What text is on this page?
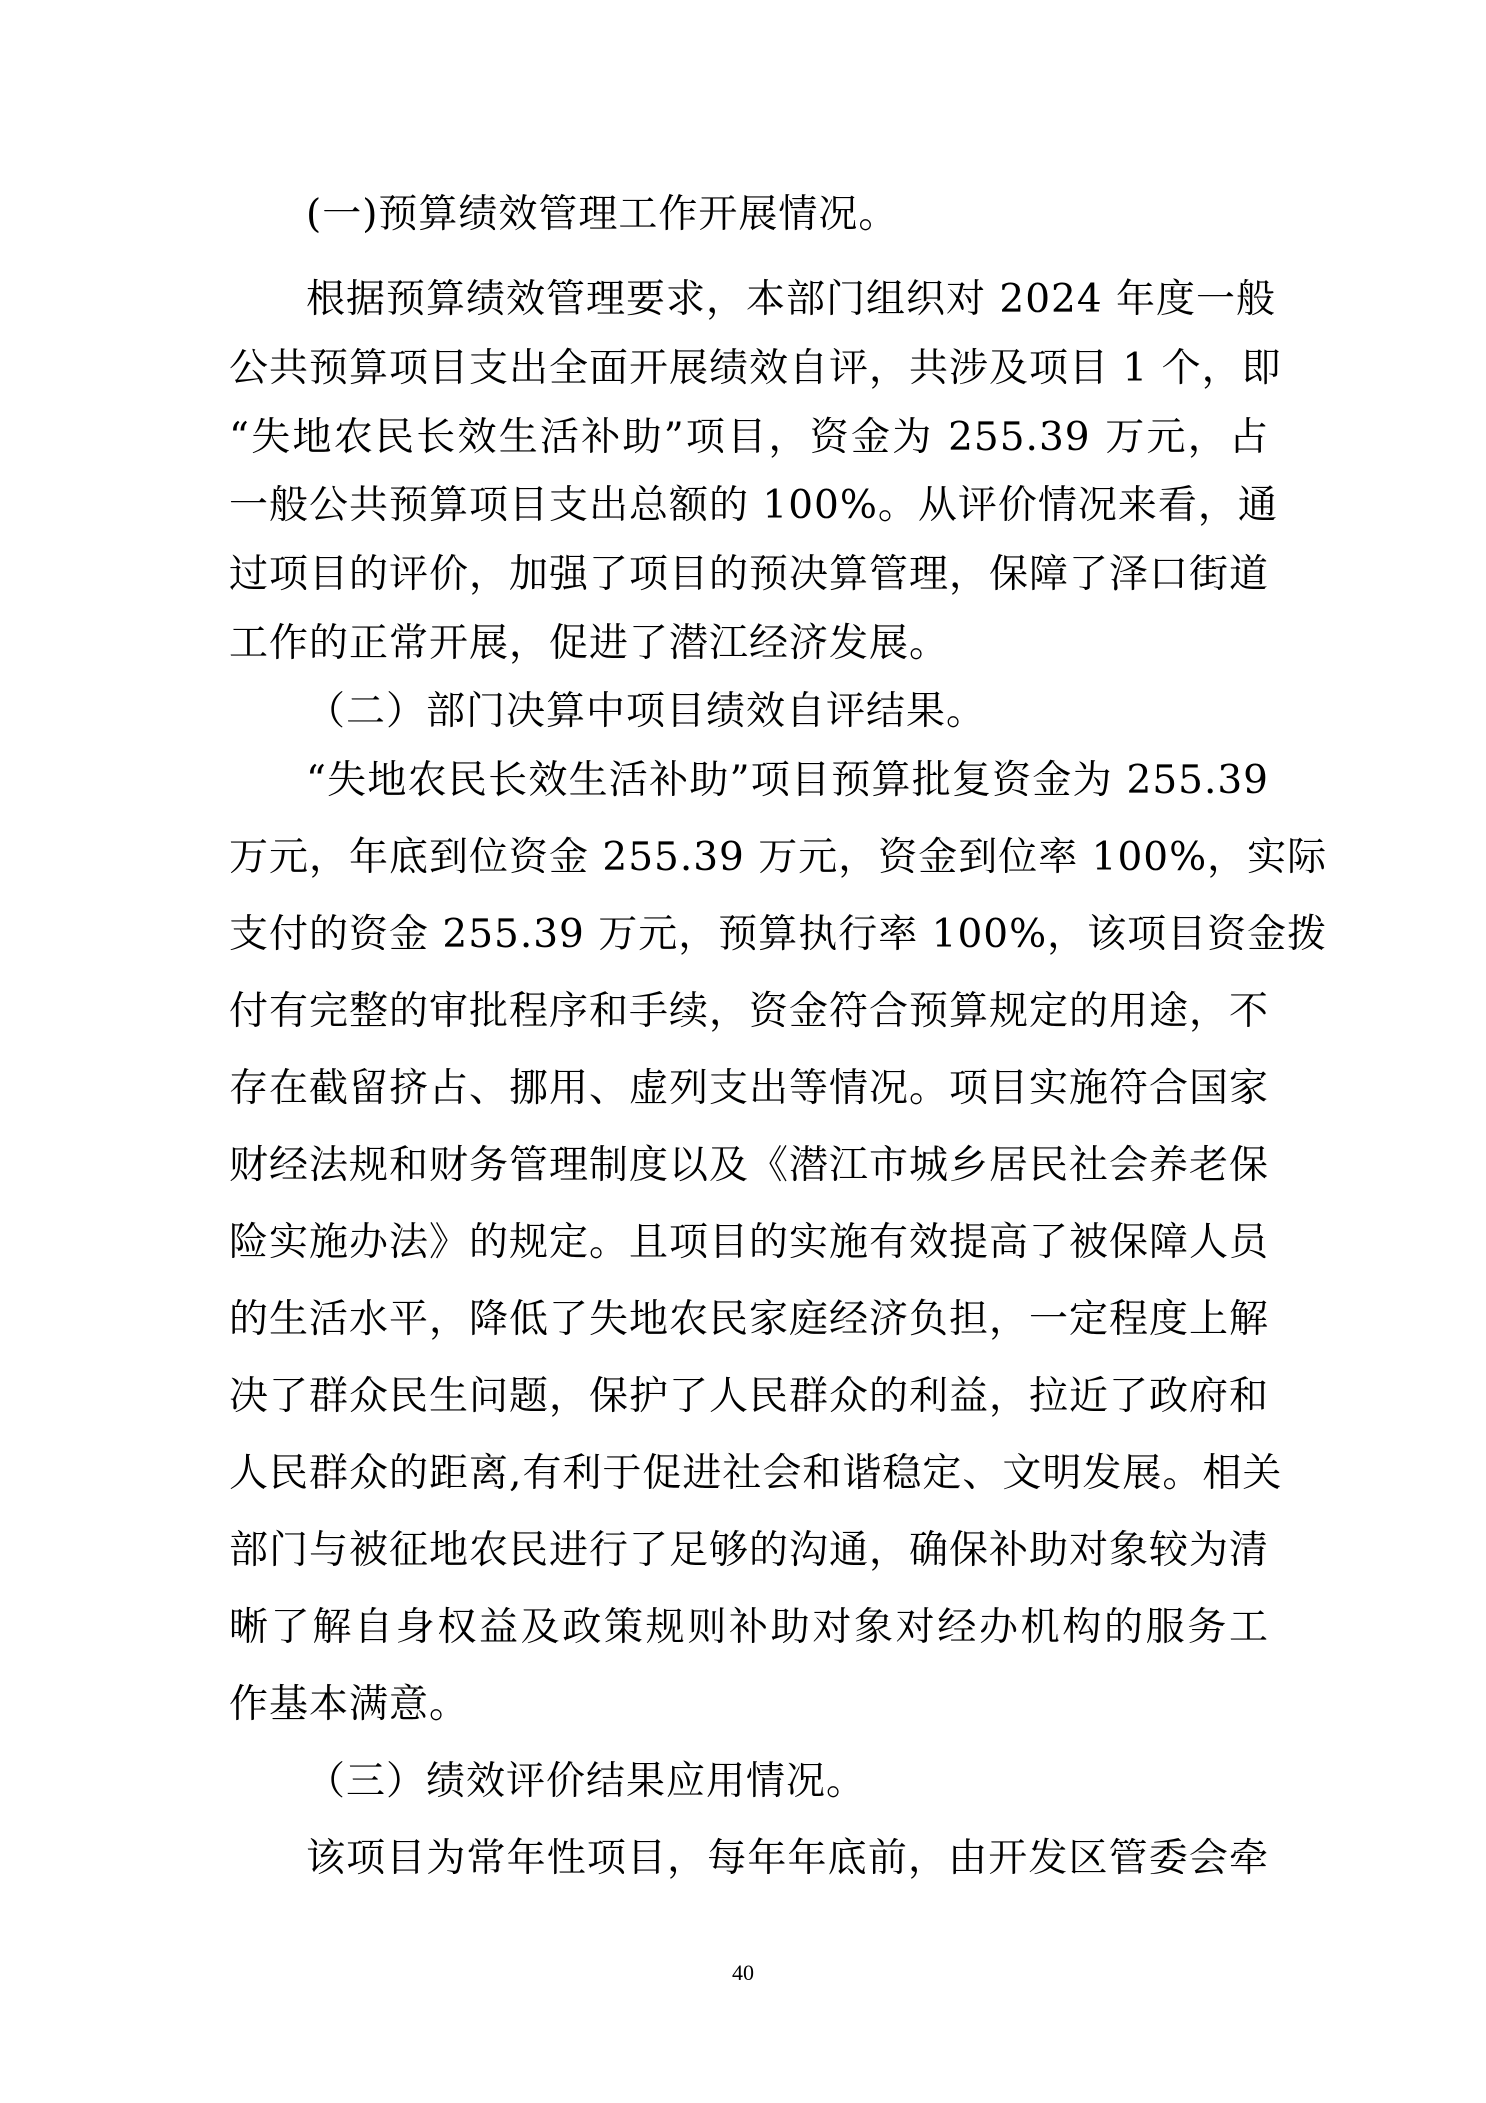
(一)预算绩效管理工作开展情况。
根据预算绩效管理要求，本部门组织对 2024 年度一般
公共预算项目支出全面开展绩效自评，共涉及项目 1 个，即
“失地农民长效生活补助”项目，资金为 255.39 万元，占
一般公共预算项目支出总额的 100%。从评价情况来看，通
过项目的评价，加强了项目的预决算管理，保障了泽口街道
工作的正常开展，促进了潜江经济发展。
（二）部门决算中项目绩效自评结果。
“失地农民长效生活补助”项目预算批复资金为 255.39
万元，年底到位资金 255.39 万元，资金到位率 100%，实际
支付的资金 255.39 万元，预算执行率 100%，该项目资金拨
付有完整的审批程序和手续，资金符合预算规定的用途，不
存在截留挤占、挪用、虚列支出等情况。项目实施符合国家
财经法规和财务管理制度以及《潜江市城乡居民社会养老保
险实施办法》的规定。且项目的实施有效提高了被保障人员
的生活水平，降低了失地农民家庭经济负担，一定程度上解
决了群众民生问题，保护了人民群众的利益，拉近了政府和
人民群众的距离,有利于促进社会和谐稳定、文明发展。相关
部门与被征地农民进行了足够的沟通，确保补助对象较为清
晰了解自身权益及政策规则补助对象对经办机构的服务工
作基本满意。
（三）绩效评价结果应用情况。
该项目为常年性项目，每年年底前，由开发区管委会牵
40
